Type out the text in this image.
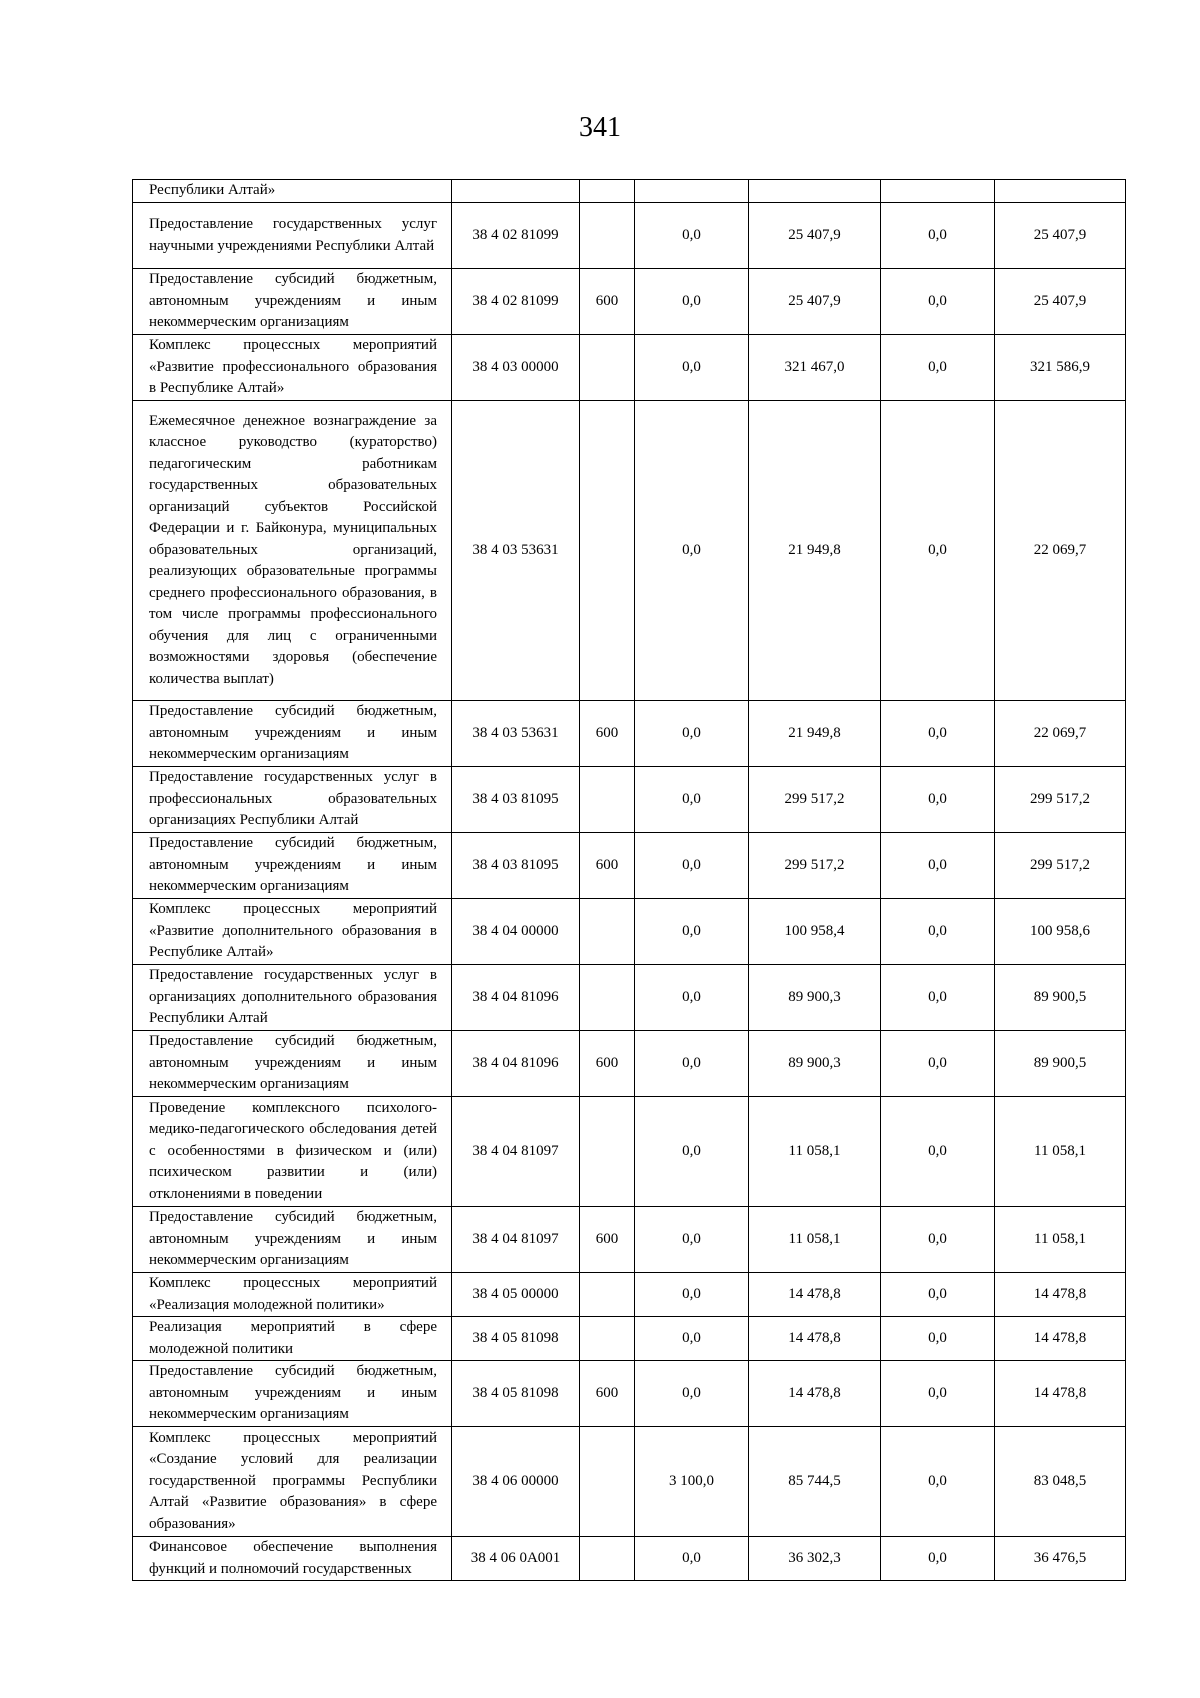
341
Республики Алтай»						
Предоставление государственных услуг научными учреждениями Республики Алтай	38 4 02 81099		0,0	25 407,9	0,0	25 407,9
Предоставление субсидий бюджетным, автономным учреждениям и иным некоммерческим организациям	38 4 02 81099	600	0,0	25 407,9	0,0	25 407,9
Комплекс процессных мероприятий «Развитие профессионального образования в Республике Алтай»	38 4 03 00000		0,0	321 467,0	0,0	321 586,9
Ежемесячное денежное вознаграждение за классное руководство (кураторство) педагогическим работникам государственных образовательных организаций субъектов Российской Федерации и г. Байконура, муниципальных образовательных организаций, реализующих образовательные программы среднего профессионального образования, в том числе программы профессионального обучения для лиц с ограниченными возможностями здоровья (обеспечение количества выплат)	38 4 03 53631		0,0	21 949,8	0,0	22 069,7
Предоставление субсидий бюджетным, автономным учреждениям и иным некоммерческим организациям	38 4 03 53631	600	0,0	21 949,8	0,0	22 069,7
Предоставление государственных услуг в профессиональных образовательных организациях Республики Алтай	38 4 03 81095		0,0	299 517,2	0,0	299 517,2
Предоставление субсидий бюджетным, автономным учреждениям и иным некоммерческим организациям	38 4 03 81095	600	0,0	299 517,2	0,0	299 517,2
Комплекс процессных мероприятий «Развитие дополнительного образования в Республике Алтай»	38 4 04 00000		0,0	100 958,4	0,0	100 958,6
Предоставление государственных услуг в организациях дополнительного образования Республики Алтай	38 4 04 81096		0,0	89 900,3	0,0	89 900,5
Предоставление субсидий бюджетным, автономным учреждениям и иным некоммерческим организациям	38 4 04 81096	600	0,0	89 900,3	0,0	89 900,5
Проведение комплексного психолого-медико-педагогического обследования детей с особенностями в физическом и (или) психическом развитии и (или) отклонениями в поведении	38 4 04 81097		0,0	11 058,1	0,0	11 058,1
Предоставление субсидий бюджетным, автономным учреждениям и иным некоммерческим организациям	38 4 04 81097	600	0,0	11 058,1	0,0	11 058,1
Комплекс процессных мероприятий «Реализация молодежной политики»	38 4 05 00000		0,0	14 478,8	0,0	14 478,8
Реализация мероприятий в сфере молодежной политики	38 4 05 81098		0,0	14 478,8	0,0	14 478,8
Предоставление субсидий бюджетным, автономным учреждениям и иным некоммерческим организациям	38 4 05 81098	600	0,0	14 478,8	0,0	14 478,8
Комплекс процессных мероприятий «Создание условий для реализации государственной программы Республики Алтай «Развитие образования» в сфере образования»	38 4 06 00000		3 100,0	85 744,5	0,0	83 048,5
Финансовое обеспечение выполнения функций и полномочий государственных	38 4 06 0А001		0,0	36 302,3	0,0	36 476,5
